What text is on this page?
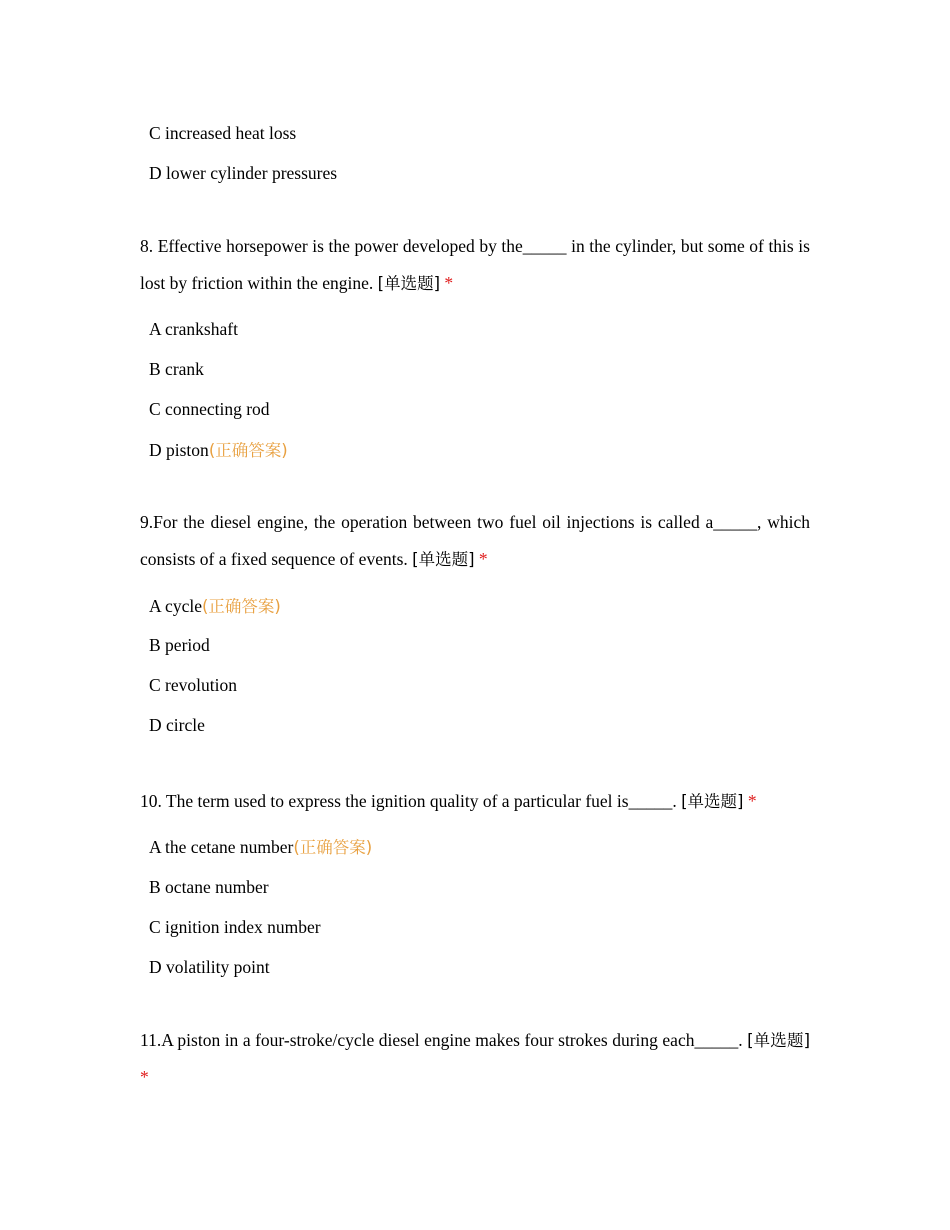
C increased heat loss
D lower cylinder pressures
8. Effective horsepower is the power developed by the_____ in the cylinder, but some of this is lost by friction within the engine. [单选题] *
A crankshaft
B crank
C connecting rod
D piston(正确答案)
9.For the diesel engine, the operation between two fuel oil injections is called a_____, which consists of a fixed sequence of events. [单选题] *
A cycle(正确答案)
B period
C revolution
D circle
10. The term used to express the ignition quality of a particular fuel is_____. [单选题] *
A the cetane number(正确答案)
B octane number
C ignition index number
D volatility point
11.A piston in a four-stroke/cycle diesel engine makes four strokes during each_____. [单选题] *
